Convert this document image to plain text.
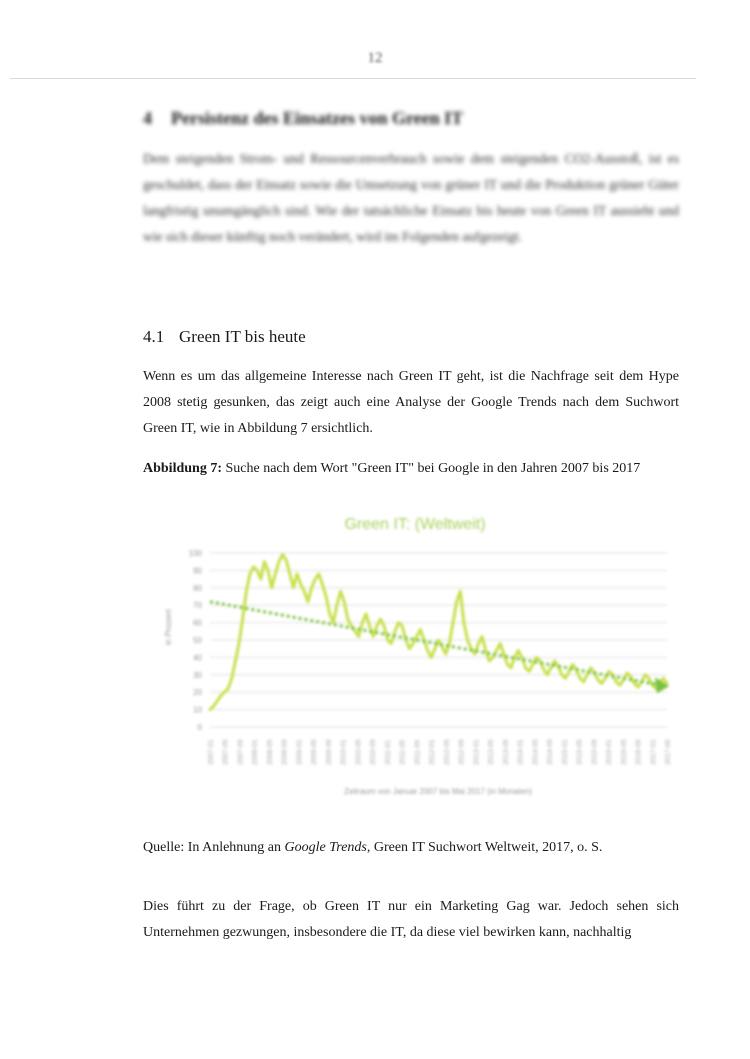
12
4 Persistenz des Einsatzes von Green IT
Dem steigenden Strom- und Ressourcenverbrauch sowie dem steigenden CO2-Ausstoß, ist es geschuldet, dass der Einsatz sowie die Umsetzung von grüner IT und die Produktion grüner Güter langfristig unumgänglich sind. Wie der tatsächliche Einsatz bis heute von Green IT aussieht und wie sich dieser künftig noch verändert, wird im Folgenden aufgezeigt.
4.1 Green IT bis heute
Wenn es um das allgemeine Interesse nach Green IT geht, ist die Nachfrage seit dem Hype 2008 stetig gesunken, das zeigt auch eine Analyse der Google Trends nach dem Suchwort Green IT, wie in Abbildung 7 ersichtlich.
Abbildung 7: Suche nach dem Wort "Green IT" bei Google in den Jahren 2007 bis 2017
Green IT: (Weltweit)
0
10
20
30
40
50
60
70
80
90
100
in Prozent
2007-01 2007-05 2007-09 2008-01 2008-05 2008-09 2009-01 2009-05 2009-09 2010-01 2010-05 2010-09 2011-01 2011-05 2011-09 2012-01 2012-05 2012-09 2013-01 2013-05 2013-09 2014-01 2014-05 2014-09 2015-01 2015-05 2015-09 2016-01 2016-05 2016-09 2017-01 2017-05
Zeitraum von Januar 2007 bis Mai 2017 (in Monaten)
Quelle: In Anlehnung an Google Trends, Green IT Suchwort Weltweit, 2017, o. S.
Dies führt zu der Frage, ob Green IT nur ein Marketing Gag war. Jedoch sehen sich Unternehmen gezwungen, insbesondere die IT, da diese viel bewirken kann, nachhaltig
